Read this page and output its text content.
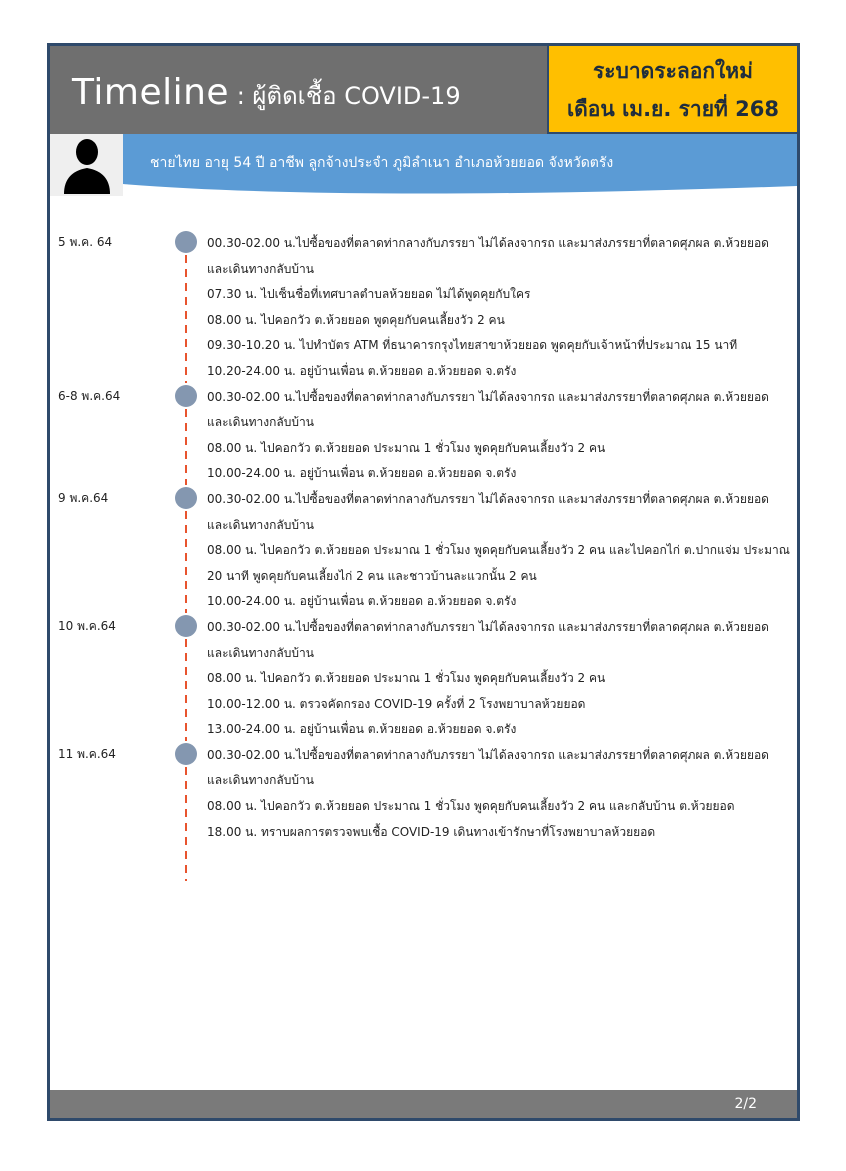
Timeline : ผู้ติดเชื้อ COVID-19
ระบาดระลอกใหม่
เดือน เม.ย. รายที่ 268
ชายไทย อายุ 54 ปี อาชีพ ลูกจ้างประจำ ภูมิลำเนา อำเภอห้วยยอด จังหวัดตรัง
5 พ.ค. 64	00.30-02.00 น.ไปซื้อของที่ตลาดท่ากลางกับภรรยา ไม่ได้ลงจากรถ และมาส่งภรรยาที่ตลาดศุภผล ต.ห้วยยอด และเดินทางกลับบ้าน
07.30 น. ไปเซ็นชื่อที่เทศบาลตำบลห้วยยอด ไม่ได้พูดคุยกับใคร
08.00 น. ไปคอกวัว ต.ห้วยยอด พูดคุยกับคนเลี้ยงวัว 2 คน
09.30-10.20 น. ไปทำบัตร ATM ที่ธนาคารกรุงไทยสาขาห้วยยอด พูดคุยกับเจ้าหน้าที่ประมาณ 15 นาที
10.20-24.00 น. อยู่บ้านเพื่อน ต.ห้วยยอด อ.ห้วยยอด จ.ตรัง
6-8 พ.ค.64	00.30-02.00 น.ไปซื้อของที่ตลาดท่ากลางกับภรรยา ไม่ได้ลงจากรถ และมาส่งภรรยาที่ตลาดศุภผล ต.ห้วยยอด และเดินทางกลับบ้าน
08.00 น. ไปคอกวัว ต.ห้วยยอด ประมาณ 1 ชั่วโมง พูดคุยกับคนเลี้ยงวัว 2 คน
10.00-24.00 น. อยู่บ้านเพื่อน ต.ห้วยยอด อ.ห้วยยอด จ.ตรัง
9 พ.ค.64	00.30-02.00 น.ไปซื้อของที่ตลาดท่ากลางกับภรรยา ไม่ได้ลงจากรถ และมาส่งภรรยาที่ตลาดศุภผล ต.ห้วยยอด และเดินทางกลับบ้าน
08.00 น. ไปคอกวัว ต.ห้วยยอด ประมาณ 1 ชั่วโมง พูดคุยกับคนเลี้ยงวัว 2 คน และไปคอกไก่ ต.ปากแจ่ม ประมาณ 20 นาที พูดคุยกับคนเลี้ยงไก่ 2 คน และชาวบ้านละแวกนั้น 2 คน
10.00-24.00 น. อยู่บ้านเพื่อน ต.ห้วยยอด อ.ห้วยยอด จ.ตรัง
10 พ.ค.64	00.30-02.00 น.ไปซื้อของที่ตลาดท่ากลางกับภรรยา ไม่ได้ลงจากรถ และมาส่งภรรยาที่ตลาดศุภผล ต.ห้วยยอด และเดินทางกลับบ้าน
08.00 น. ไปคอกวัว ต.ห้วยยอด ประมาณ 1 ชั่วโมง พูดคุยกับคนเลี้ยงวัว 2 คน
10.00-12.00 น. ตรวจคัดกรอง COVID-19 ครั้งที่ 2 โรงพยาบาลห้วยยอด
13.00-24.00 น. อยู่บ้านเพื่อน ต.ห้วยยอด อ.ห้วยยอด จ.ตรัง
11 พ.ค.64	00.30-02.00 น.ไปซื้อของที่ตลาดท่ากลางกับภรรยา ไม่ได้ลงจากรถ และมาส่งภรรยาที่ตลาดศุภผล ต.ห้วยยอด และเดินทางกลับบ้าน
08.00 น. ไปคอกวัว ต.ห้วยยอด ประมาณ 1 ชั่วโมง พูดคุยกับคนเลี้ยงวัว 2 คน และกลับบ้าน ต.ห้วยยอด
18.00 น. ทราบผลการตรวจพบเชื้อ COVID-19 เดินทางเข้ารักษาที่โรงพยาบาลห้วยยอด
2/2
